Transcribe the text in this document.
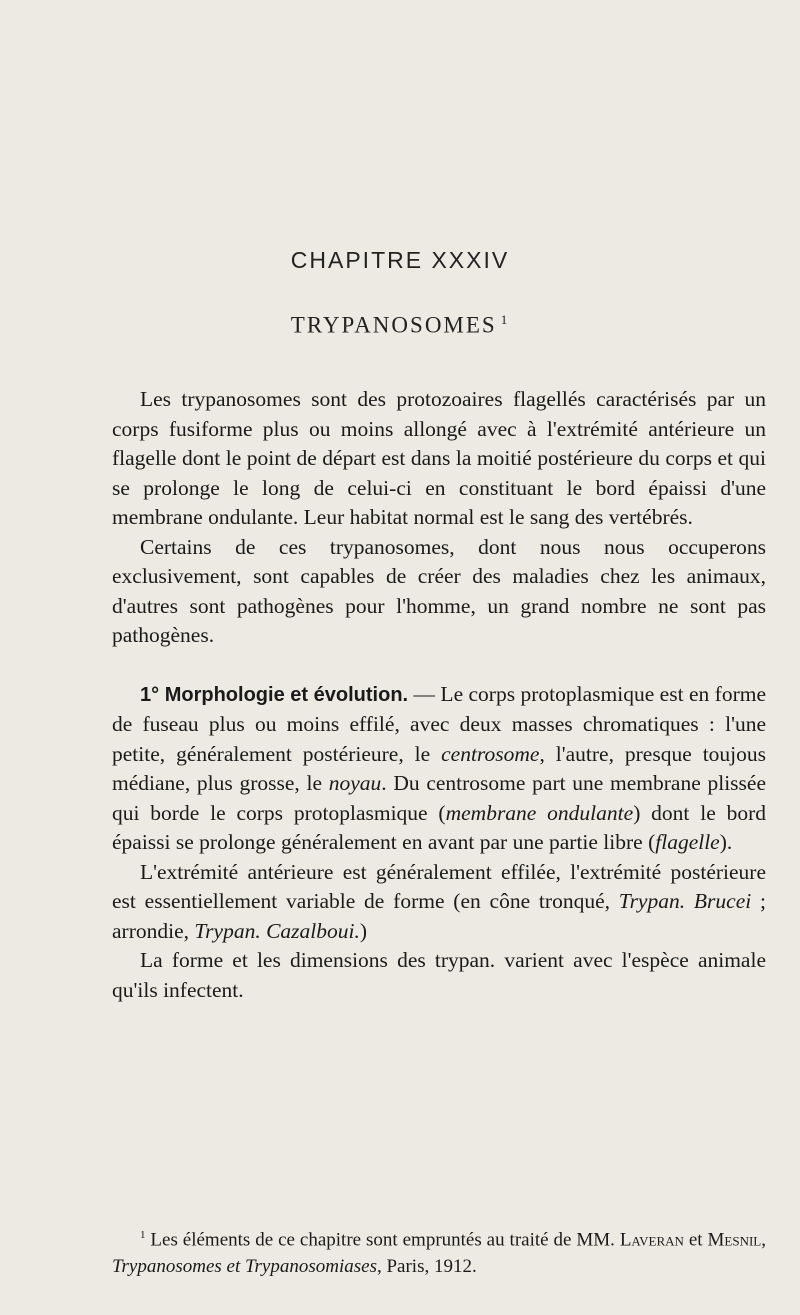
CHAPITRE XXXIV
TRYPANOSOMES $^1$

Les trypanosomes sont des protozoaires flagellés caractérisés par un corps fusiforme plus ou moins allongé avec à l'extrémité antérieure un flagelle dont le point de départ est dans la moitié postérieure du corps et qui se prolonge le long de celui-ci en constituant le bord épaissi d'une membrane ondulante. Leur habitat normal est le sang des vertébrés.

Certains de ces trypanosomes, dont nous nous occuperons exclusivement, sont capables de créer des maladies chez les animaux, d'autres sont pathogènes pour l'homme, un grand nombre ne sont pas pathogènes.

1° Morphologie et évolution. — Le corps protoplasmique est en forme de fuseau plus ou moins effilé, avec deux masses chromatiques : l'une petite, généralement postérieure, le centrosome, l'autre, presque toujous médiane, plus grosse, le noyau. Du centrosome part une membrane plissée qui borde le corps protoplasmique (membrane ondulante) dont le bord épaissi se prolonge généralement en avant par une partie libre (flagelle).

L'extrémité antérieure est généralement effilée, l'extrémité postérieure est essentiellement variable de forme (en cône tronqué, Trypan. Brucei ; arrondie, Trypan. Cazalboui.)

La forme et les dimensions des trypan. varient avec l'espèce animale qu'ils infectent.

$^1$ Les éléments de ce chapitre sont empruntés au traité de MM. Laveran et Mesnil, Trypanosomes et Trypanosomiases, Paris, 1912.
